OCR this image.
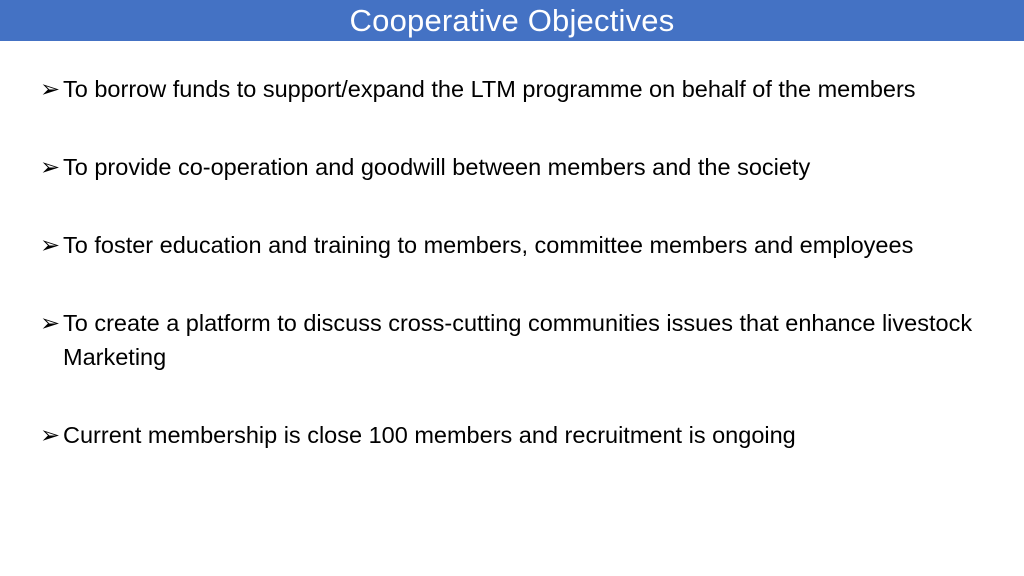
Cooperative Objectives
➢ To borrow funds to support/expand the LTM programme on behalf of the members
➢ To provide co-operation and goodwill between members and the society
➢ To foster education and training to members, committee members and employees
➢ To create a platform to discuss cross-cutting communities issues that enhance livestock Marketing
➢ Current membership is close 100 members and recruitment is ongoing
